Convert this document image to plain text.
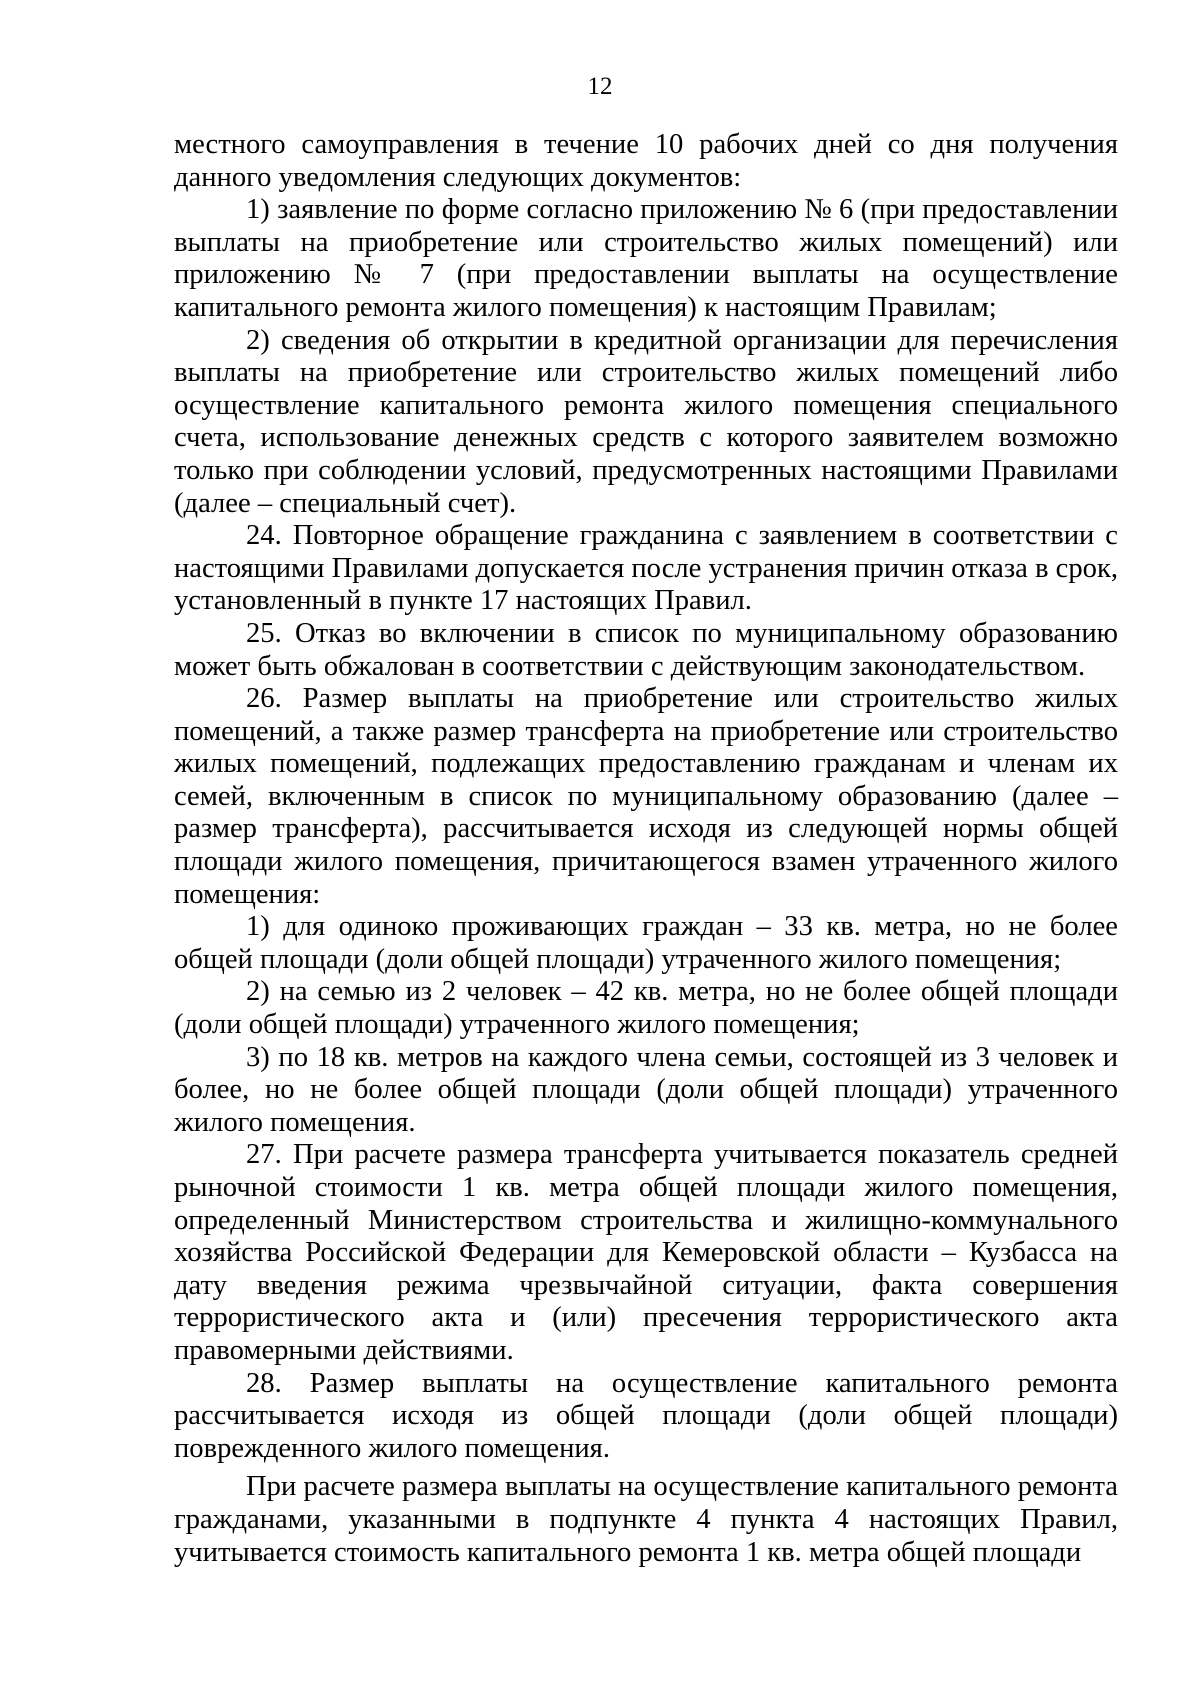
12

местного самоуправления в течение 10 рабочих дней со дня получения данного уведомления следующих документов:

1) заявление по форме согласно приложению № 6 (при предоставлении выплаты на приобретение или строительство жилых помещений) или приложению № 7 (при предоставлении выплаты на осуществление капитального ремонта жилого помещения) к настоящим Правилам;

2) сведения об открытии в кредитной организации для перечисления выплаты на приобретение или строительство жилых помещений либо осуществление капитального ремонта жилого помещения специального счета, использование денежных средств с которого заявителем возможно только при соблюдении условий, предусмотренных настоящими Правилами (далее – специальный счет).

24. Повторное обращение гражданина с заявлением в соответствии с настоящими Правилами допускается после устранения причин отказа в срок, установленный в пункте 17 настоящих Правил.

25. Отказ во включении в список по муниципальному образованию может быть обжалован в соответствии с действующим законодательством.

26. Размер выплаты на приобретение или строительство жилых помещений, а также размер трансферта на приобретение или строительство жилых помещений, подлежащих предоставлению гражданам и членам их семей, включенным в список по муниципальному образованию (далее – размер трансферта), рассчитывается исходя из следующей нормы общей площади жилого помещения, причитающегося взамен утраченного жилого помещения:

1) для одиноко проживающих граждан – 33 кв. метра, но не более общей площади (доли общей площади) утраченного жилого помещения;

2) на семью из 2 человек – 42 кв. метра, но не более общей площади (доли общей площади) утраченного жилого помещения;

3) по 18 кв. метров на каждого члена семьи, состоящей из 3 человек и более, но не более общей площади (доли общей площади) утраченного жилого помещения.

27. При расчете размера трансферта учитывается показатель средней рыночной стоимости 1 кв. метра общей площади жилого помещения, определенный Министерством строительства и жилищно-коммунального хозяйства Российской Федерации для Кемеровской области – Кузбасса на дату введения режима чрезвычайной ситуации, факта совершения террористического акта и (или) пресечения террористического акта правомерными действиями.

28. Размер выплаты на осуществление капитального ремонта рассчитывается исходя из общей площади (доли общей площади) поврежденного жилого помещения.

При расчете размера выплаты на осуществление капитального ремонта гражданами, указанными в подпункте 4 пункта 4 настоящих Правил, учитывается стоимость капитального ремонта 1 кв. метра общей площади
